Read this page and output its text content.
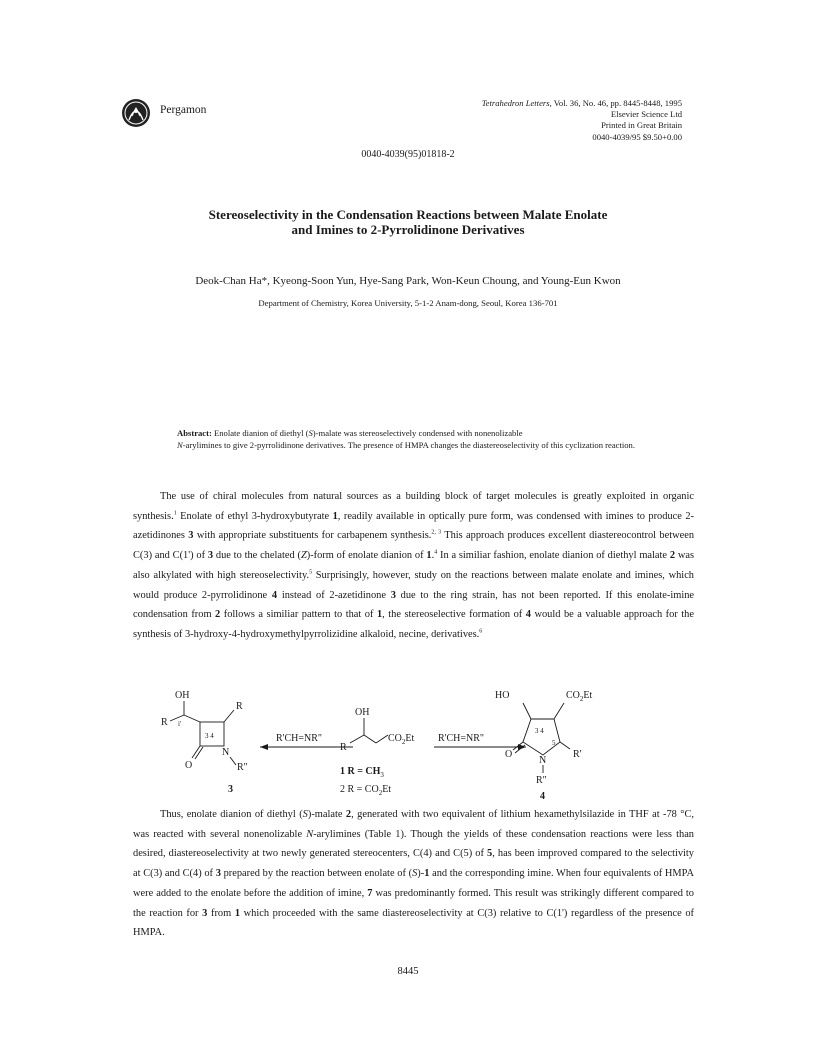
Pergamon
Tetrahedron Letters, Vol. 36, No. 46, pp. 8445-8448, 1995
Elsevier Science Ltd
Printed in Great Britain
0040-4039/95 $9.50+0.00
0040-4039(95)01818-2
Stereoselectivity in the Condensation Reactions between Malate Enolate
and Imines to 2-Pyrrolidinone Derivatives
Deok-Chan Ha*, Kyeong-Soon Yun, Hye-Sang Park, Won-Keun Choung, and Young-Eun Kwon
Department of Chemistry, Korea University, 5-1-2 Anam-dong, Seoul, Korea 136-701
Abstract: Enolate dianion of diethyl (S)-malate was stereoselectively condensed with nonenolizable
N-arylimines to give 2-pyrrolidinone derivatives. The presence of HMPA changes the diastereoselectivity of this cyclization reaction.
The use of chiral molecules from natural sources as a building block of target molecules is greatly exploited in organic synthesis.$^1$ Enolate of ethyl 3-hydroxybutyrate 1, readily available in optically pure form, was condensed with imines to produce 2-azetidinones 3 with appropriate substituents for carbapenem synthesis.$^{2, 3}$ This approach produces excellent diastereocontrol between C(3) and C(1') of 3 due to the chelated (Z)-form of enolate dianion of 1.$^4$ In a similiar fashion, enolate dianion of diethyl malate 2 was also alkylated with high stereoselectivity.$^5$ Surprisingly, however, study on the reactions between malate enolate and imines, which would produce 2-pyrrolidinone 4 instead of 2-azetidinone 3 due to the ring strain, has not been reported. If this enolate-imine condensation from 2 follows a similiar pattern to that of 1, the stereoselective formation of 4 would be a valuable approach for the synthesis of 3-hydroxy-4-hydroxymethylpyrrolizidine alkaloid, necine, derivatives.$^6$
OH
R i'
3 4
R
O
N
R"
3
R'CH=NR"
OH
R
$CO_2Et$
1 $R = CH_3$
2 $R = CO_2Et$
R'CH=NR"
HO	$CO_2Et$
3 4
5
O
N
R'
R"
4
Thus, enolate dianion of diethyl (S)-malate 2, generated with two equivalent of lithium hexamethylsilazide in THF at -78 °C, was reacted with several nonenolizable N-arylimines (Table 1). Though the yields of these condensation reactions were less than desired, diastereoselectivity at two newly generated stereocenters, C(4) and C(5) of 5, has been improved compared to the selectivity at C(3) and C(4) of 3 prepared by the reaction between enolate of (S)-1 and the corresponding imine. When four equivalents of HMPA were added to the enolate before the addition of imine, 7 was predominantly formed. This result was strikingly different compared to the reaction for 3 from 1 which proceeded with the same diastereoselectivity at C(3) relative to C(1') regardless of the presence of HMPA.
8445
